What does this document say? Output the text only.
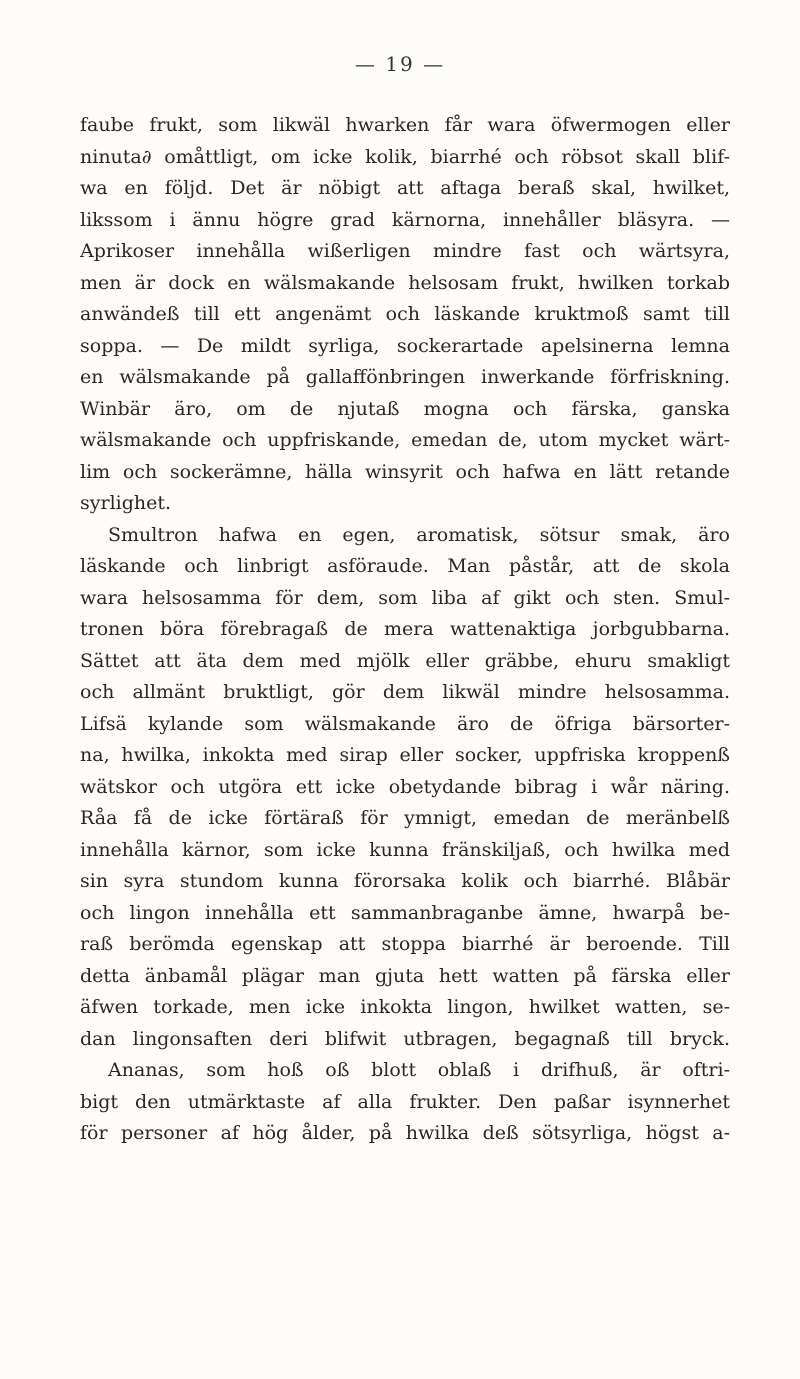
— 19 —
faube frukt, som likwäl hwarken får wara öfwermogen eller
ninuta∂ omåttligt, om icke kolik, biarrhé och röbsot skall blif-
wa en följd. Det är nöbigt att aftaga beraß skal, hwilket,
likssom i ännu högre grad kärnorna, innehåller bläsyra. —
Aprikoser innehålla wißerligen mindre fast och wärtsyra,
men är dock en wälsmakande helsosam frukt, hwilken torkab
anwändeß till ett angenämt och läskande kruktmoß samt till
soppa. — De mildt syrliga, sockerartade apelsinerna lemna
en wälsmakande på gallaffönbringen inwerkande förfriskning.
Winbär äro, om de njutaß mogna och färska, ganska
wälsmakande och uppfriskande, emedan de, utom mycket wärt-
lim och sockerämne, hälla winsyrit och hafwa en lätt retande
syrlighet.
Smultron hafwa en egen, aromatisk, sötsur smak, äro
läskande och linbrigt asföraude. Man påstår, att de skola
wara helsosamma för dem, som liba af gikt och sten. Smul-
tronen böra förebragaß de mera wattenaktiga jorbgubbarna.
Sättet att äta dem med mjölk eller gräbbe, ehuru smakligt
och allmänt bruktligt, gör dem likwäl mindre helsosamma.
Lifsä kylande som wälsmakande äro de öfriga bärsorter-
na, hwilka, inkokta med sirap eller socker, uppfriska kroppenß
wätskor och utgöra ett icke obetydande bibrag i wår näring.
Råa få de icke förtäraß för ymnigt, emedan de meränbelß
innehålla kärnor, som icke kunna fränskiljaß, och hwilka med
sin syra stundom kunna förorsaka kolik och biarrhé. Blåbär
och lingon innehålla ett sammanbraganbe ämne, hwarpå be-
raß berömda egenskap att stoppa biarrhé är beroende. Till
detta änbamål plägar man gjuta hett watten på färska eller
äfwen torkade, men icke inkokta lingon, hwilket watten, se-
dan lingonsaften deri blifwit utbragen, begagnaß till bryck.
Ananas, som hoß oß blott oblaß i drifhuß, är oftri-
bigt den utmärktaste af alla frukter. Den paßar isynnerhet
för personer af hög ålder, på hwilka deß sötsyrliga, högst a-
